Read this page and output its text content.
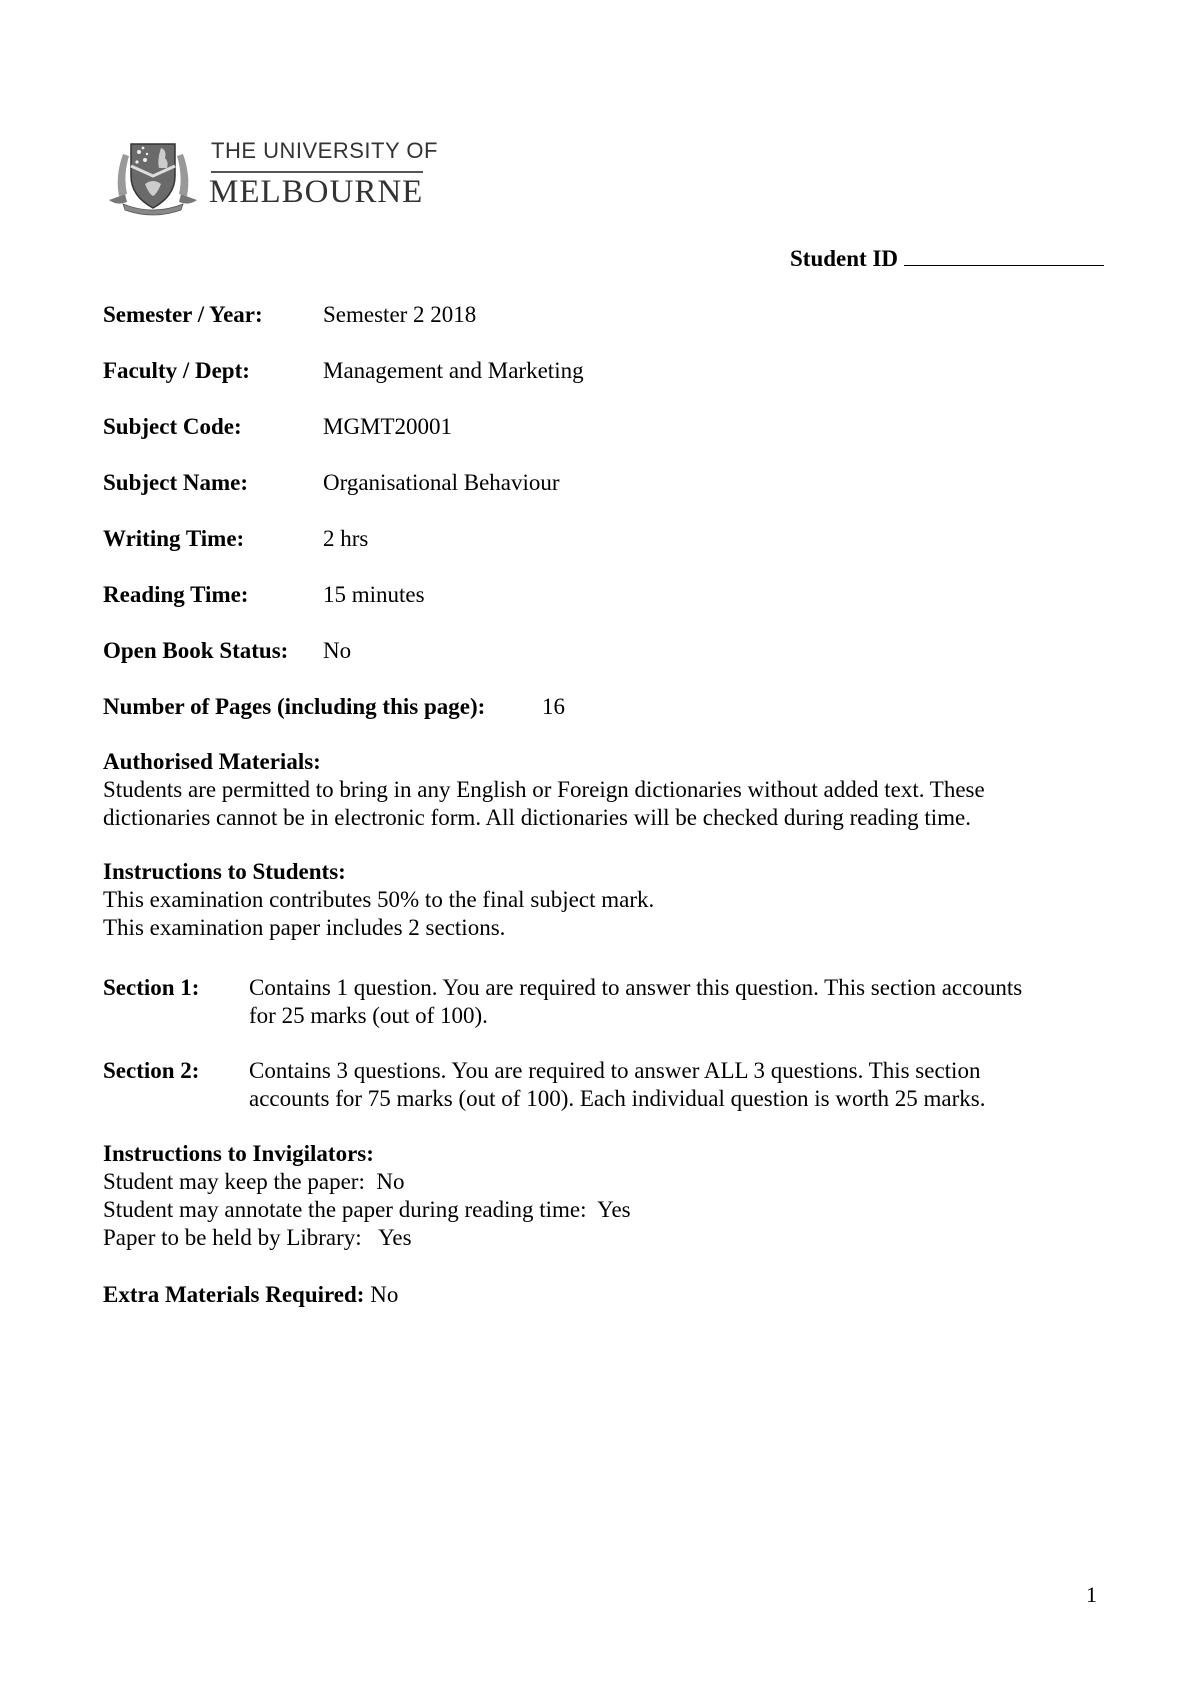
THE UNIVERSITY OF
MELBOURNE
Student ID
Semester / Year:	Semester 2 2018
Faculty / Dept:	Management and Marketing
Subject Code:	MGMT20001
Subject Name:	Organisational Behaviour
Writing Time:	2 hrs
Reading Time:	15 minutes
Open Book Status: No
Number of Pages (including this page): 16
Authorised Materials:
Students are permitted to bring in any English or Foreign dictionaries without added text. These
dictionaries cannot be in electronic form. All dictionaries will be checked during reading time.
Instructions to Students:
This examination contributes 50% to the final subject mark.
This examination paper includes 2 sections.
Section 1: Contains 1 question. You are required to answer this question. This section accounts
for 25 marks (out of 100).
Section 2: Contains 3 questions. You are required to answer ALL 3 questions. This section
accounts for 75 marks (out of 100). Each individual question is worth 25 marks.
Instructions to Invigilators:
Student may keep the paper:  No
Student may annotate the paper during reading time:  Yes
Paper to be held by Library:   Yes
Extra Materials Required: No
1
